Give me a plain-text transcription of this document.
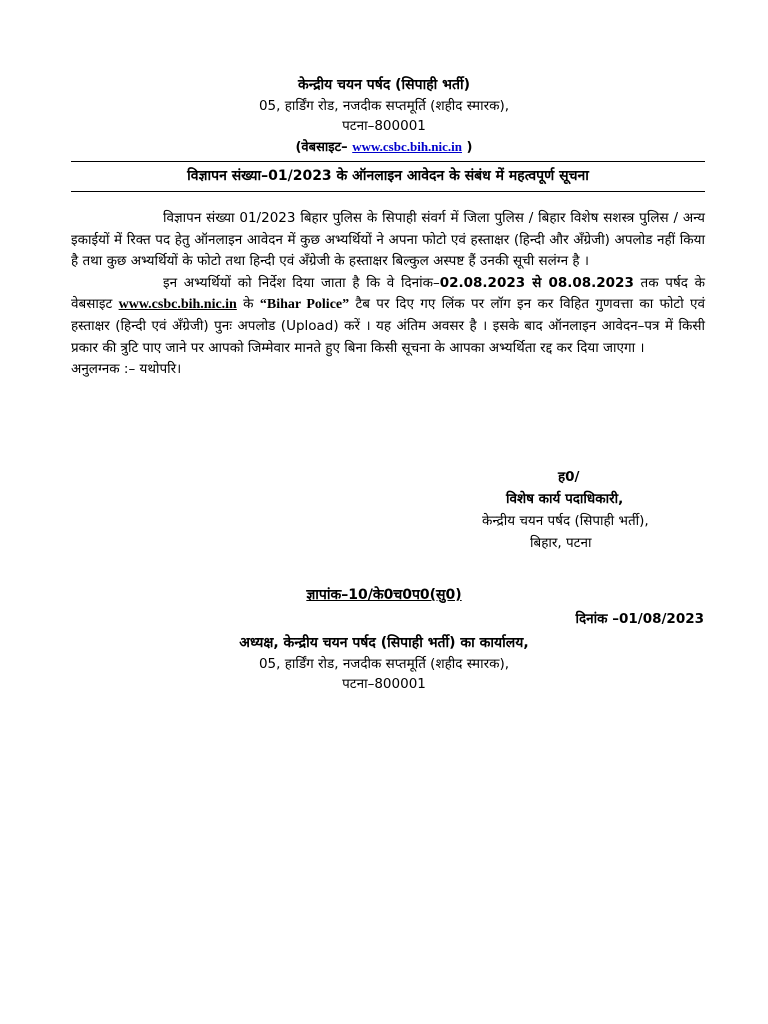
केन्द्रीय चयन पर्षद (सिपाही भर्ती)
05, हार्डिंग रोड, नजदीक सप्तमूर्ति (शहीद स्मारक),
पटना–800001
(वेबसाइट– www.csbc.bih.nic.in )
विज्ञापन संख्या–01/2023 के ऑनलाइन आवेदन के संबंध में महत्वपूर्ण सूचना

विज्ञापन संख्या 01/2023 बिहार पुलिस के सिपाही संवर्ग में जिला पुलिस / बिहार विशेष सशस्त्र पुलिस / अन्य इकाईयों में रिक्त पद हेतु ऑनलाइन आवेदन में कुछ अभ्यर्थियों ने अपना फोटो एवं हस्ताक्षर (हिन्दी और अँग्रेजी) अपलोड नहीं किया है तथा कुछ अभ्यर्थियों के फोटो तथा हिन्दी एवं अँग्रेजी के हस्ताक्षर बिल्कुल अस्पष्ट हैं उनकी सूची सलंग्न है ।

इन अभ्यर्थियों को निर्देश दिया जाता है कि वे दिनांक–02.08.2023 से 08.08.2023 तक पर्षद के वेबसाइट www.csbc.bih.nic.in के “Bihar Police” टैब पर दिए गए लिंक पर लॉग इन कर विहित गुणवत्ता का फोटो एवं हस्ताक्षर (हिन्दी एवं अँग्रेजी) पुनः अपलोड (Upload) करें । यह अंतिम अवसर है । इसके बाद ऑनलाइन आवेदन–पत्र में किसी प्रकार की त्रुटि पाए जाने पर आपको जिम्मेवार मानते हुए बिना किसी सूचना के आपका अभ्यर्थिता रद्द कर दिया जाएगा ।

अनुलग्नक :– यथोपरि।

ह0/
विशेष कार्य पदाधिकारी,
केन्द्रीय चयन पर्षद (सिपाही भर्ती),
बिहार, पटना
ज्ञापांक–10/के0च0प0(सु0)
दिनांक –01/08/2023
अध्यक्ष, केन्द्रीय चयन पर्षद (सिपाही भर्ती) का कार्यालय,
05, हार्डिंग रोड, नजदीक सप्तमूर्ति (शहीद स्मारक),
पटना–800001
